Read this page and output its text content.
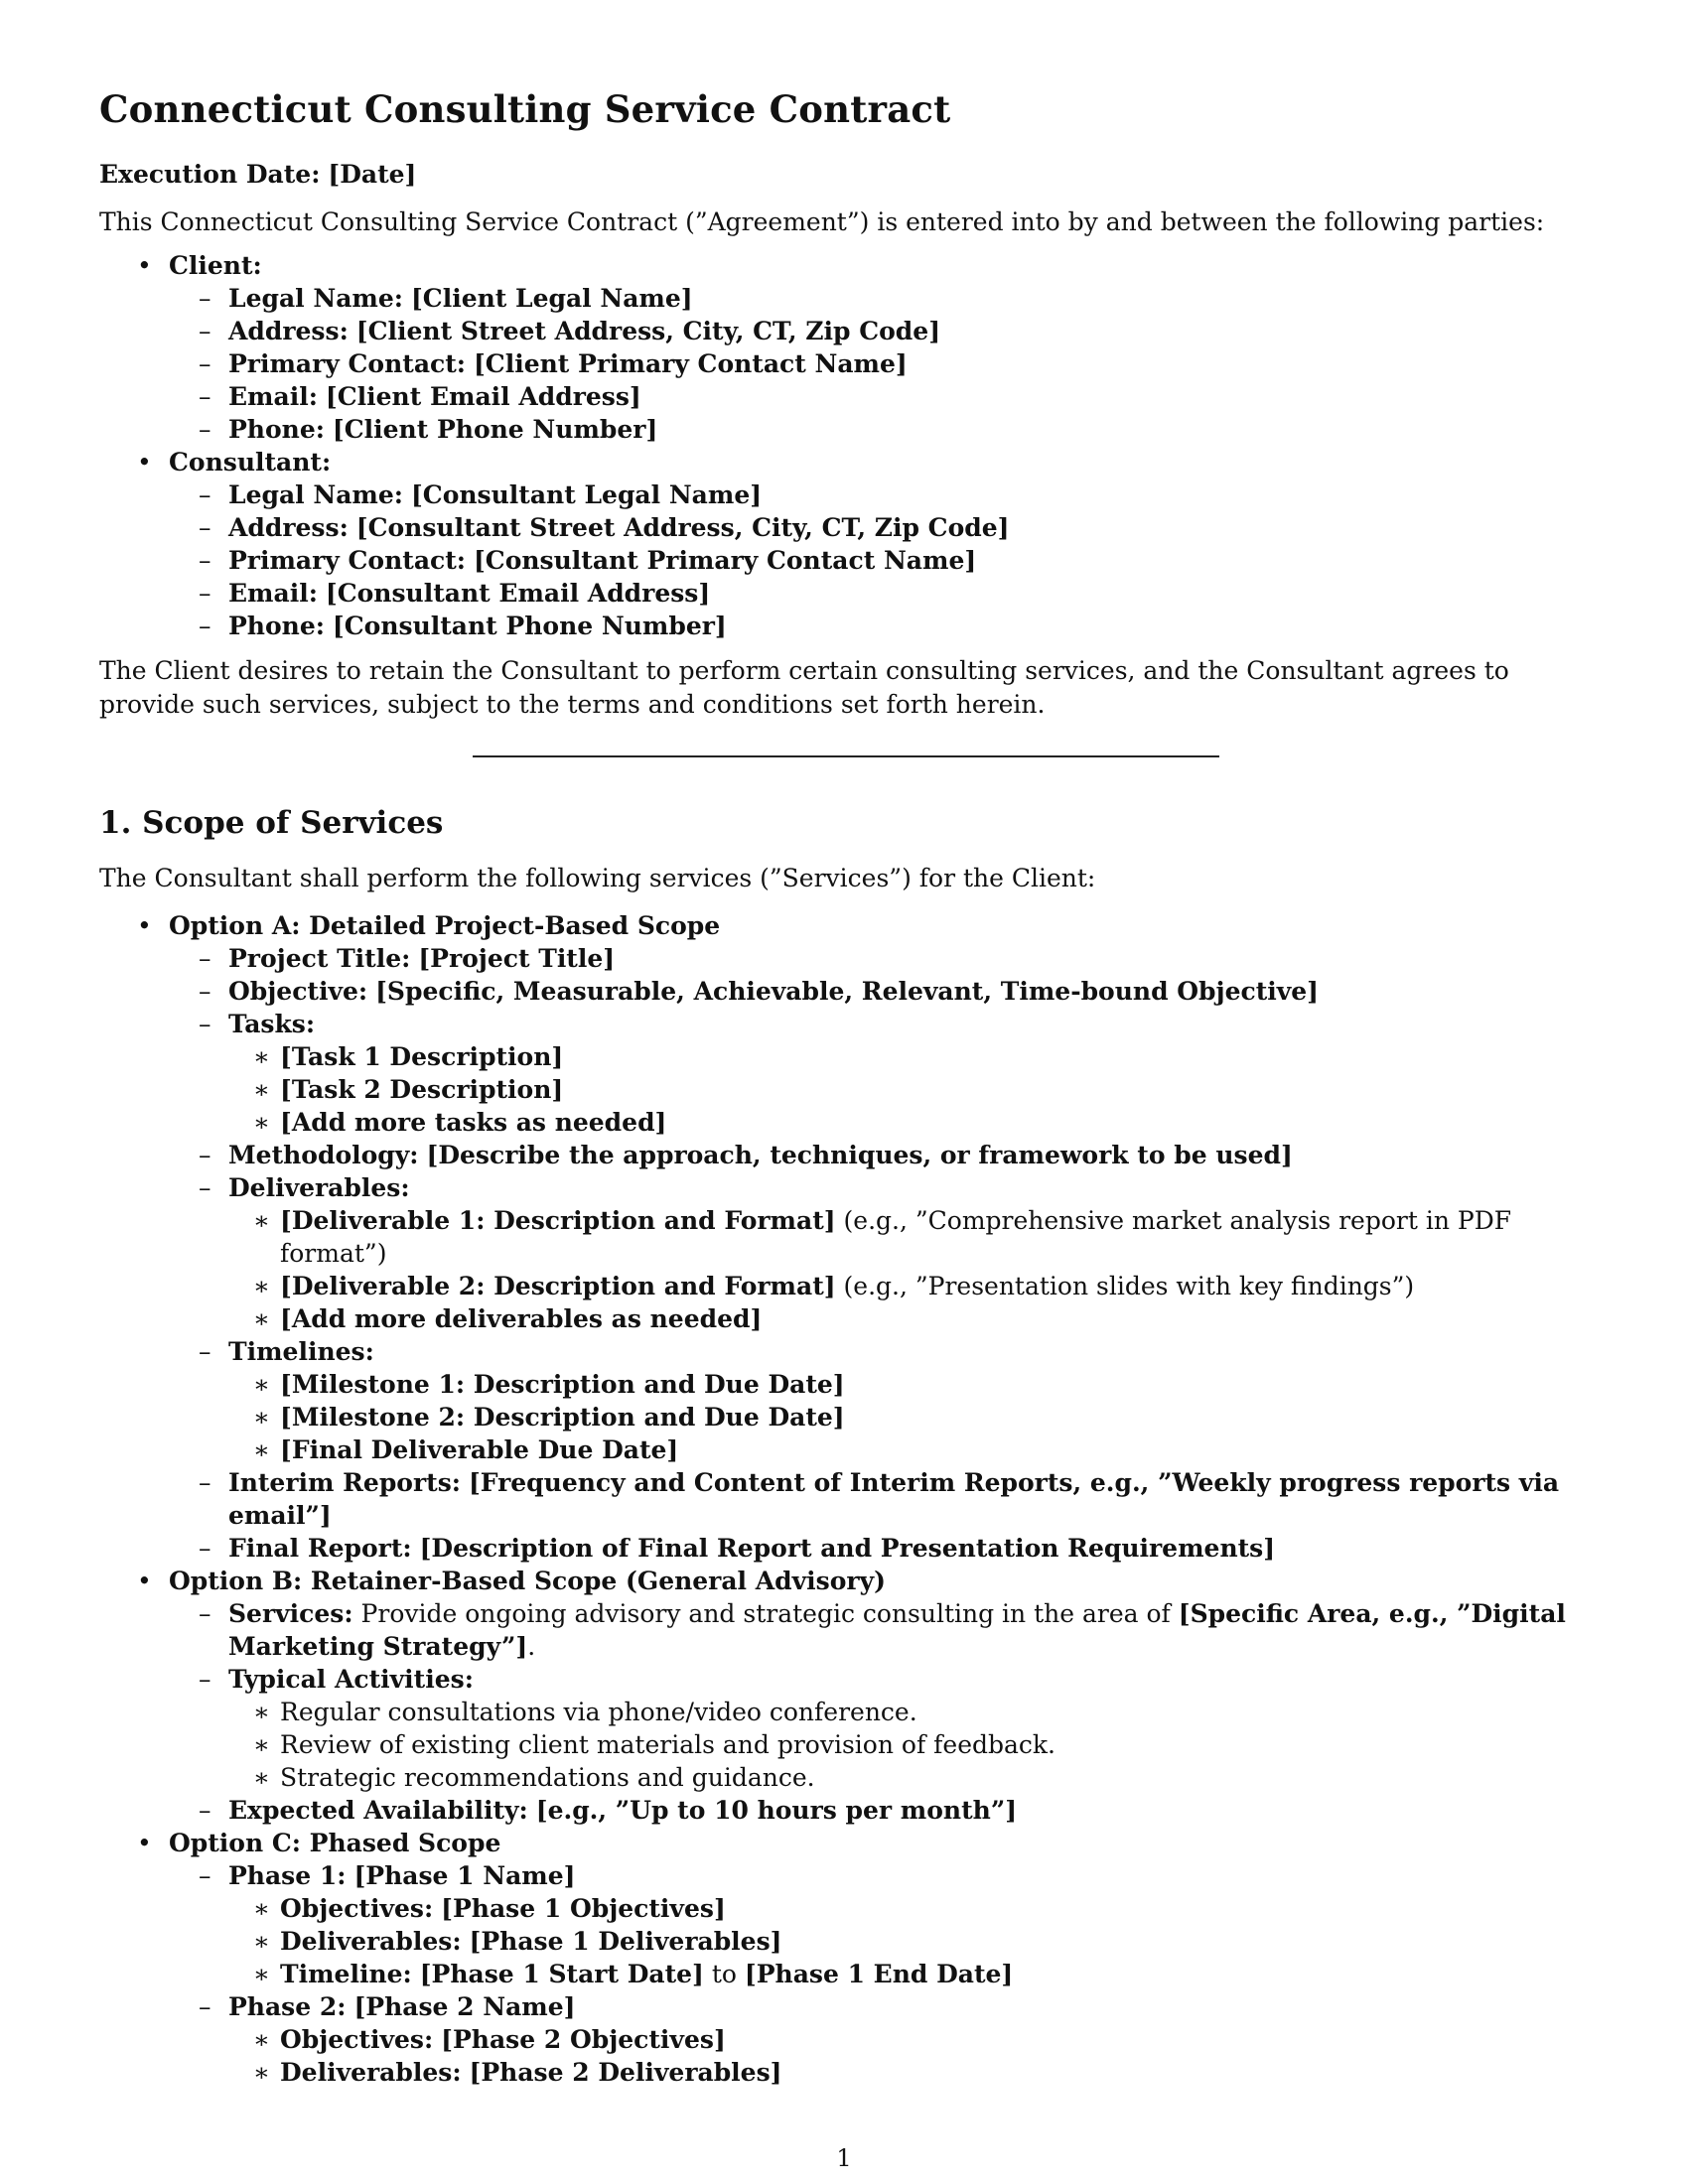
Connecticut Consulting Service Contract
Execution Date: [Date]

This Connecticut Consulting Service Contract (”Agreement”) is entered into by and between the following parties:

• Client:
– Legal Name: [Client Legal Name]
– Address: [Client Street Address, City, CT, Zip Code]
– Primary Contact: [Client Primary Contact Name]
– Email: [Client Email Address]
– Phone: [Client Phone Number]
• Consultant:
– Legal Name: [Consultant Legal Name]
– Address: [Consultant Street Address, City, CT, Zip Code]
– Primary Contact: [Consultant Primary Contact Name]
– Email: [Consultant Email Address]
– Phone: [Consultant Phone Number]

The Client desires to retain the Consultant to perform certain consulting services, and the Consultant agrees to provide such services, subject to the terms and conditions set forth herein.

1. Scope of Services

The Consultant shall perform the following services (”Services”) for the Client:

• Option A: Detailed Project-Based Scope
– Project Title: [Project Title]
– Objective: [Specific, Measurable, Achievable, Relevant, Time-bound Objective]
– Tasks:
∗ [Task 1 Description]
∗ [Task 2 Description]
∗ [Add more tasks as needed]
– Methodology: [Describe the approach, techniques, or framework to be used]
– Deliverables:
∗ [Deliverable 1: Description and Format] (e.g., ”Comprehensive market analysis report in PDF format”)
∗ [Deliverable 2: Description and Format] (e.g., ”Presentation slides with key findings”)
∗ [Add more deliverables as needed]
– Timelines:
∗ [Milestone 1: Description and Due Date]
∗ [Milestone 2: Description and Due Date]
∗ [Final Deliverable Due Date]
– Interim Reports: [Frequency and Content of Interim Reports, e.g., ”Weekly progress reports via email”]
– Final Report: [Description of Final Report and Presentation Requirements]
• Option B: Retainer-Based Scope (General Advisory)
– Services: Provide ongoing advisory and strategic consulting in the area of [Specific Area, e.g., ”Digital Marketing Strategy”].
– Typical Activities:
∗ Regular consultations via phone/video conference.
∗ Review of existing client materials and provision of feedback.
∗ Strategic recommendations and guidance.
– Expected Availability: [e.g., ”Up to 10 hours per month”]
• Option C: Phased Scope
– Phase 1: [Phase 1 Name]
∗ Objectives: [Phase 1 Objectives]
∗ Deliverables: [Phase 1 Deliverables]
∗ Timeline: [Phase 1 Start Date] to [Phase 1 End Date]
– Phase 2: [Phase 2 Name]
∗ Objectives: [Phase 2 Objectives]
∗ Deliverables: [Phase 2 Deliverables]
1
